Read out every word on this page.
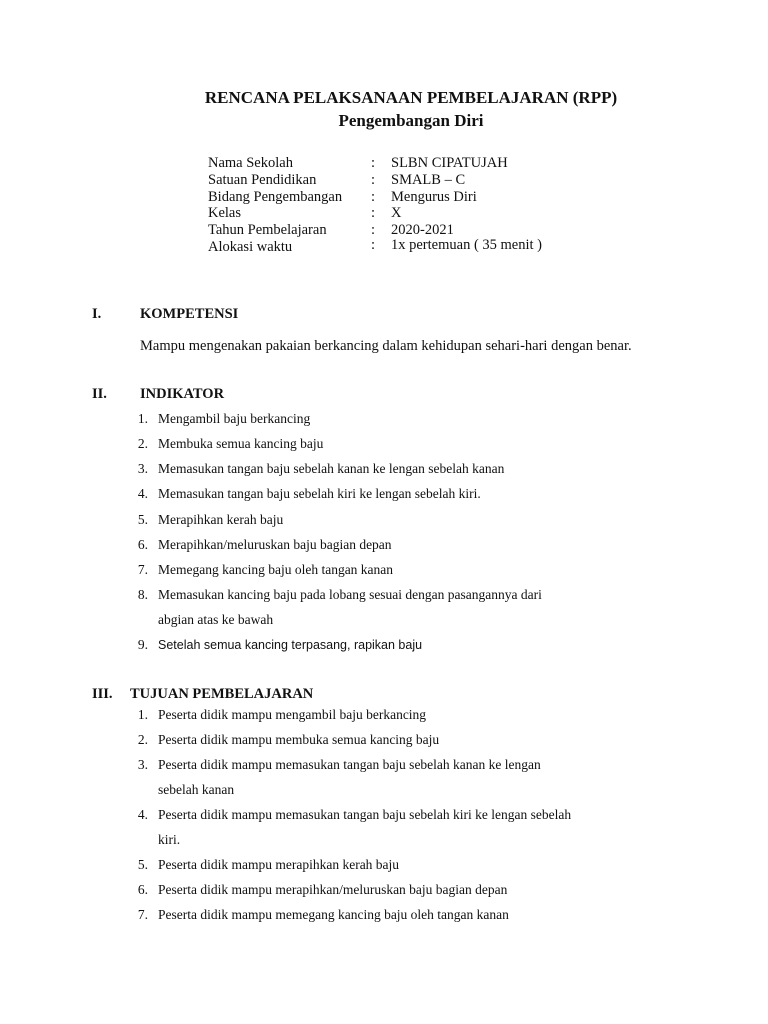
RENCANA PELAKSANAAN PEMBELAJARAN (RPP)
Pengembangan Diri
Nama Sekolah	: SLBN CIPATUJAH
Satuan Pendidikan	: SMALB – C
Bidang Pengembangan : Mengurus Diri
Kelas	: X
Tahun Pembelajaran	: 2020-2021
Alokasi waktu	: 1x pertemuan ( 35 menit )
I.	KOMPETENSI
Mampu mengenakan pakaian berkancing dalam kehidupan sehari-hari dengan benar.
II. INDIKATOR
1. Mengambil baju berkancing
2. Membuka semua kancing baju
3. Memasukan tangan baju sebelah kanan ke lengan sebelah kanan
4. Memasukan tangan baju sebelah kiri ke lengan sebelah kiri.
5. Merapihkan kerah baju
6. Merapihkan/meluruskan baju bagian depan
7. Memegang kancing baju oleh tangan kanan
8. Memasukan kancing baju pada lobang sesuai dengan pasangannya dari
abgian atas ke bawah
9. Setelah semua kancing terpasang, rapikan baju
III. TUJUAN PEMBELAJARAN
1. Peserta didik mampu mengambil baju berkancing
2. Peserta didik mampu membuka semua kancing baju
3. Peserta didik mampu memasukan tangan baju sebelah kanan ke lengan
sebelah kanan
4. Peserta didik mampu memasukan tangan baju sebelah kiri ke lengan sebelah
kiri.
5. Peserta didik mampu merapihkan kerah baju
6. Peserta didik mampu merapihkan/meluruskan baju bagian depan
7. Peserta didik mampu memegang kancing baju oleh tangan kanan
